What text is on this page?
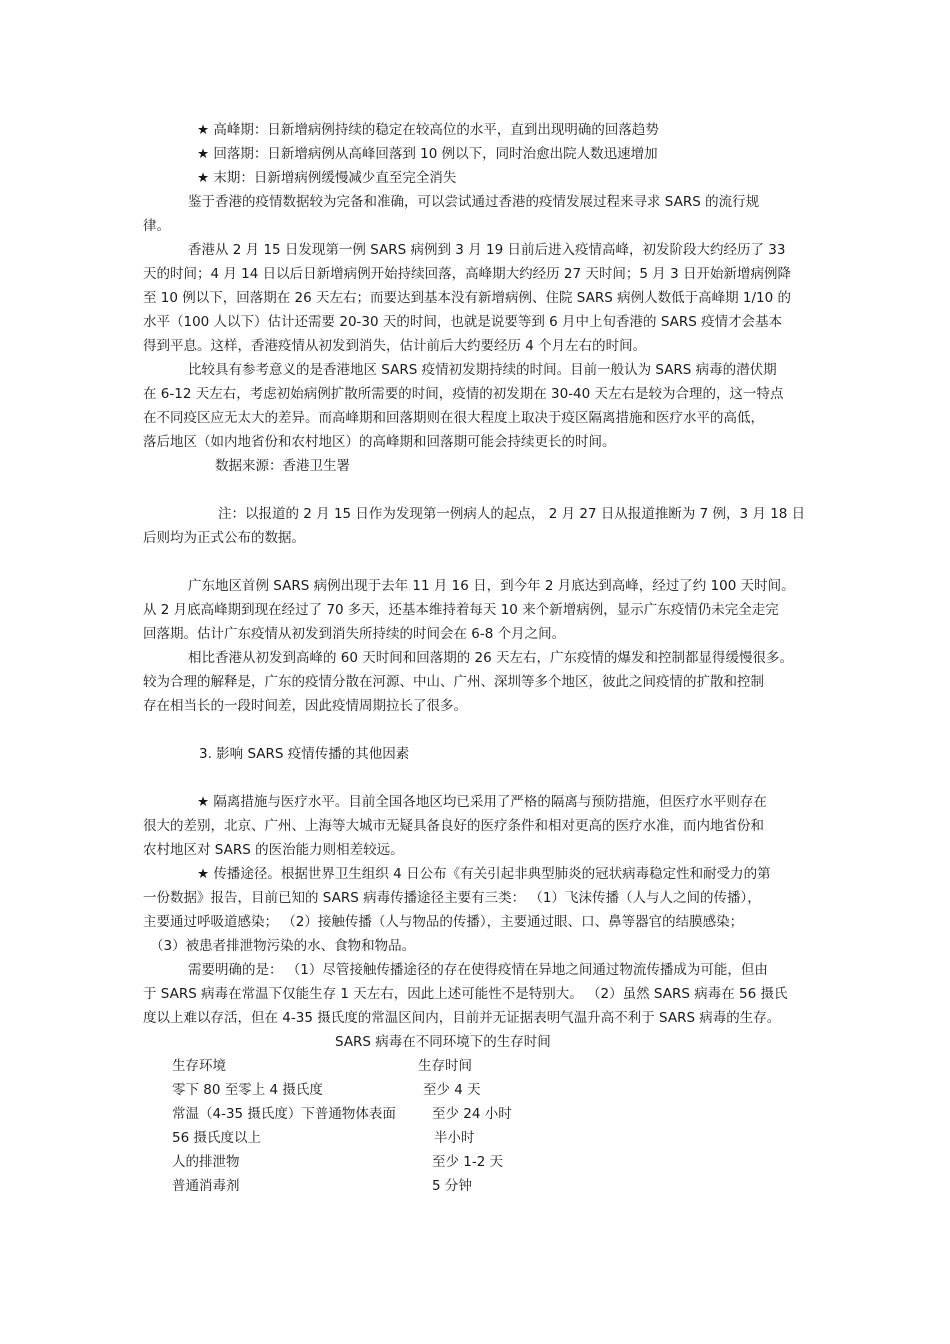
★ 高峰期：日新增病例持续的稳定在较高位的水平，直到出现明确的回落趋势
★ 回落期：日新增病例从高峰回落到 10 例以下，同时治愈出院人数迅速增加
★ 末期：日新增病例缓慢减少直至完全消失
鉴于香港的疫情数据较为完备和准确，可以尝试通过香港的疫情发展过程来寻求 SARS 的流行规
律。
香港从 2 月 15 日发现第一例 SARS 病例到 3 月 19 日前后进入疫情高峰，初发阶段大约经历了 33
天的时间；4 月 14 日以后日新增病例开始持续回落，高峰期大约经历 27 天时间；5 月 3 日开始新增病例降
至 10 例以下，回落期在 26 天左右；而要达到基本没有新增病例、住院 SARS 病例人数低于高峰期 1/10 的
水平（100 人以下）估计还需要 20-30 天的时间，也就是说要等到 6 月中上旬香港的 SARS 疫情才会基本
得到平息。这样，香港疫情从初发到消失，估计前后大约要经历 4 个月左右的时间。
比较具有参考意义的是香港地区 SARS 疫情初发期持续的时间。目前一般认为 SARS 病毒的潜伏期
在 6-12 天左右，考虑初始病例扩散所需要的时间，疫情的初发期在 30-40 天左右是较为合理的，这一特点
在不同疫区应无太大的差异。而高峰期和回落期则在很大程度上取决于疫区隔离措施和医疗水平的高低，
落后地区（如内地省份和农村地区）的高峰期和回落期可能会持续更长的时间。
数据来源：香港卫生署
注：以报道的 2 月 15 日作为发现第一例病人的起点， 2 月 27 日从报道推断为 7 例，3 月 18 日
后则均为正式公布的数据。
广东地区首例 SARS 病例出现于去年 11 月 16 日，到今年 2 月底达到高峰，经过了约 100 天时间。
从 2 月底高峰期到现在经过了 70 多天，还基本维持着每天 10 来个新增病例，显示广东疫情仍未完全走完
回落期。估计广东疫情从初发到消失所持续的时间会在 6-8 个月之间。
相比香港从初发到高峰的 60 天时间和回落期的 26 天左右，广东疫情的爆发和控制都显得缓慢很多。
较为合理的解释是，广东的疫情分散在河源、中山、广州、深圳等多个地区，彼此之间疫情的扩散和控制
存在相当长的一段时间差，因此疫情周期拉长了很多。
3. 影响 SARS 疫情传播的其他因素
★ 隔离措施与医疗水平。目前全国各地区均已采用了严格的隔离与预防措施，但医疗水平则存在
很大的差别，北京、广州、上海等大城市无疑具备良好的医疗条件和相对更高的医疗水准，而内地省份和
农村地区对 SARS 的医治能力则相差较远。
★ 传播途径。根据世界卫生组织 4 日公布《有关引起非典型肺炎的冠状病毒稳定性和耐受力的第
一份数据》报告，目前已知的 SARS 病毒传播途径主要有三类： （1）飞沫传播（人与人之间的传播），
主要通过呼吸道感染； （2）接触传播（人与物品的传播），主要通过眼、口、鼻等器官的结膜感染；
（3）被患者排泄物污染的水、食物和物品。
需要明确的是： （1）尽管接触传播途径的存在使得疫情在异地之间通过物流传播成为可能，但由
于 SARS 病毒在常温下仅能生存 1 天左右，因此上述可能性不是特别大。 （2）虽然 SARS 病毒在 56 摄氏
度以上难以存活，但在 4-35 摄氏度的常温区间内，目前并无证据表明气温升高不利于 SARS 病毒的生存。
SARS 病毒在不同环境下的生存时间
生存环境	生存时间
零下 80 至零上 4 摄氏度	至少 4 天
常温（4-35 摄氏度）下普通物体表面	至少 24 小时
56 摄氏度以上	半小时
人的排泄物	至少 1-2 天
普通消毒剂	5 分钟
